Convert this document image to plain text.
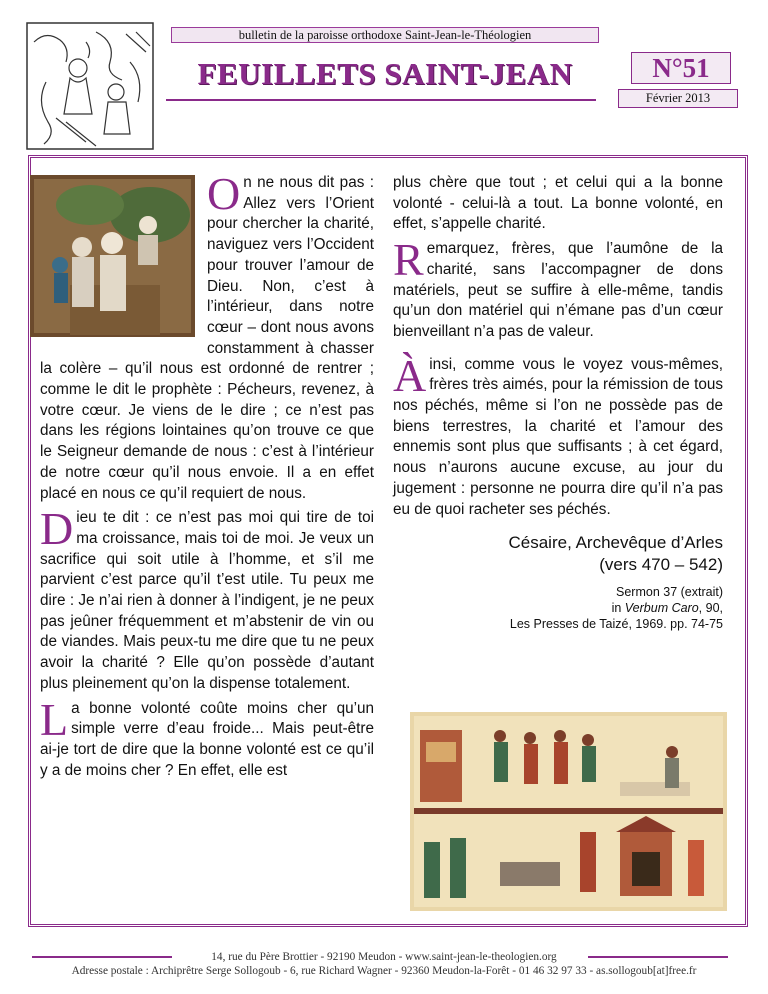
bulletin de la paroisse orthodoxe Saint-Jean-le-Théologien
FEUILLETS SAINT-JEAN	N°51
Février 2013

On ne nous dit pas : Allez vers l’Orient pour chercher la charité, naviguez vers l’Occident pour trouver l’amour de Dieu. Non, c’est à l’intérieur, dans notre cœur – dont nous avons constamment à chasser la colère – qu’il nous est ordonné de rentrer ; comme le dit le prophète : Pécheurs, revenez, à votre cœur. Je viens de le dire ; ce n’est pas dans les régions lointaines qu’on trouve ce que le Seigneur demande de nous : c’est à l’intérieur de notre cœur qu’il nous envoie. Il a en effet placé en nous ce qu’il requiert de nous.

Dieu te dit : ce n’est pas moi qui tire de toi ma croissance, mais toi de moi. Je veux un sacrifice qui soit utile à l’homme, et s’il me parvient c’est parce qu’il t’est utile. Tu peux me dire : Je n’ai rien à donner à l’indigent, je ne peux pas jeûner fréquemment et m’abstenir de vin ou de viandes. Mais peux-tu me dire que tu ne peux avoir la charité ? Elle qu’on possède d’autant plus pleinement qu’on la dispense totalement.

La bonne volonté coûte moins cher qu’un simple verre d’eau froide... Mais peut-être ai-je tort de dire que la bonne volonté est ce qu’il y a de moins cher ? En effet, elle est

plus chère que tout ; et celui qui a la bonne volonté - celui-là a tout. La bonne volonté, en effet, s’appelle charité.

Remarquez, frères, que l’aumône de la charité, sans l’accompagner de dons matériels, peut se suffire à elle-même, tandis qu’un don matériel qui n’émane pas d’un cœur bienveillant n’a pas de valeur.

Àinsi, comme vous le voyez vous-mêmes, frères très aimés, pour la rémission de tous nos péchés, même si l’on ne possède pas de biens terrestres, la charité et l’amour des ennemis sont plus que suffisants ; à cet égard, nous n’aurons aucune excuse, au jour du jugement : personne ne pourra dire qu’il n’a pas eu de quoi racheter ses péchés.

Césaire, Archevêque d’Arles
(vers 470 – 542)

Sermon 37 (extrait)
in Verbum Caro, 90,
Les Presses de Taizé, 1969. pp. 74-75

14, rue du Père Brottier - 92190 Meudon - www.saint-jean-le-theologien.org
Adresse postale : Archiprêtre Serge Sollogoub - 6, rue Richard Wagner - 92360 Meudon-la-Forêt - 01 46 32 97 33 - as.sollogoub[at]free.fr
